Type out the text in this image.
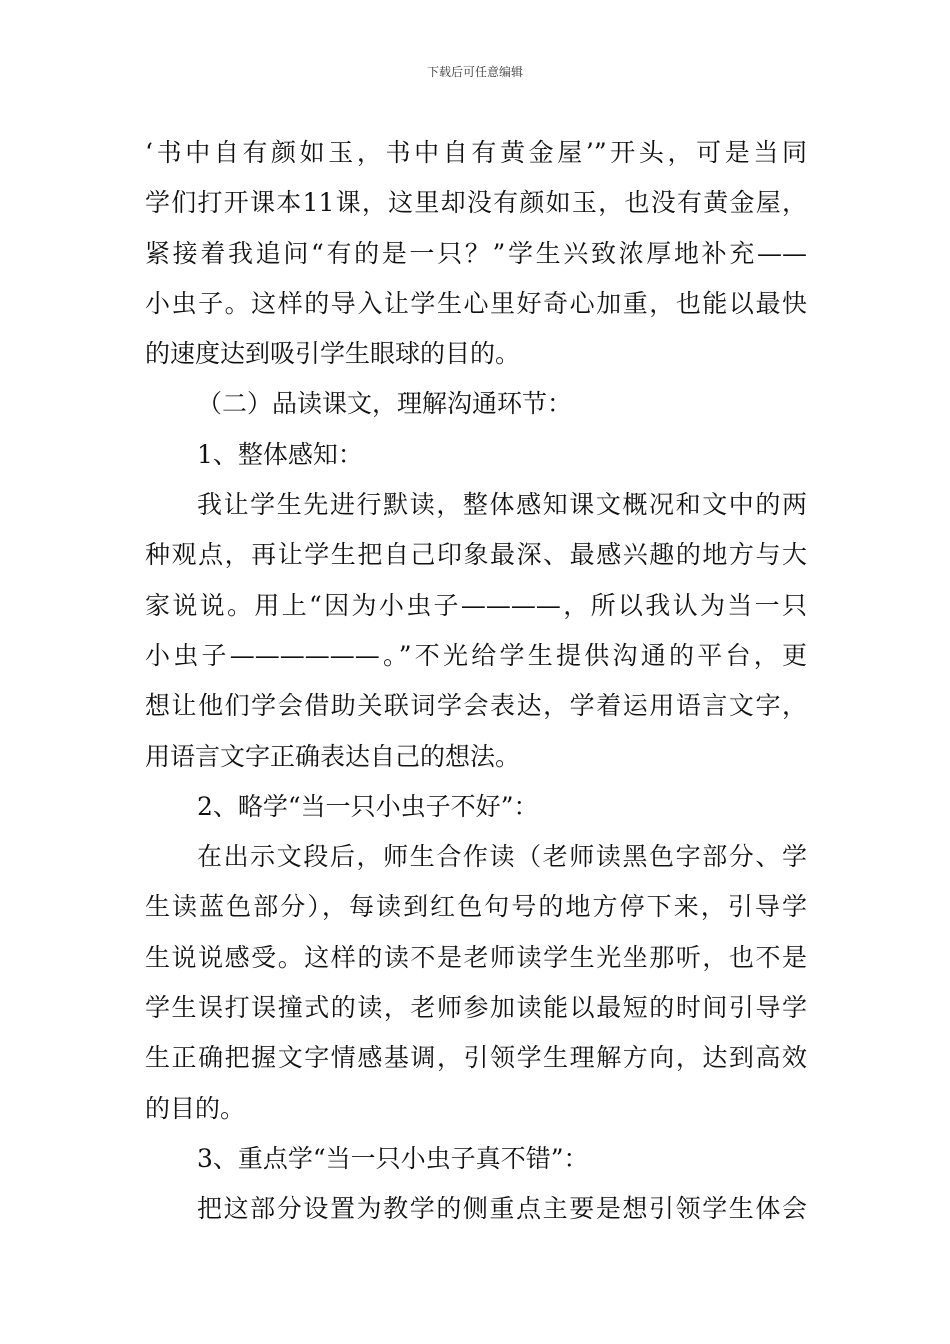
下载后可任意编辑
‘书中自有颜如玉，书中自有黄金屋’”开头，可是当同
学们打开课本11课，这里却没有颜如玉，也没有黄金屋，
紧接着我追问“有的是一只？”学生兴致浓厚地补充——
小虫子。这样的导入让学生心里好奇心加重，也能以最快
的速度达到吸引学生眼球的目的。
（二）品读课文，理解沟通环节：
1、整体感知：
我让学生先进行默读，整体感知课文概况和文中的两
种观点，再让学生把自己印象最深、最感兴趣的地方与大
家说说。用上“因为小虫子————，所以我认为当一只
小虫子——————。”不光给学生提供沟通的平台，更
想让他们学会借助关联词学会表达，学着运用语言文字，
用语言文字正确表达自己的想法。
2、略学“当一只小虫子不好”：
在出示文段后，师生合作读（老师读黑色字部分、学
生读蓝色部分），每读到红色句号的地方停下来，引导学
生说说感受。这样的读不是老师读学生光坐那听，也不是
学生误打误撞式的读，老师参加读能以最短的时间引导学
生正确把握文字情感基调，引领学生理解方向，达到高效
的目的。
3、重点学“当一只小虫子真不错”：
把这部分设置为教学的侧重点主要是想引领学生体会
